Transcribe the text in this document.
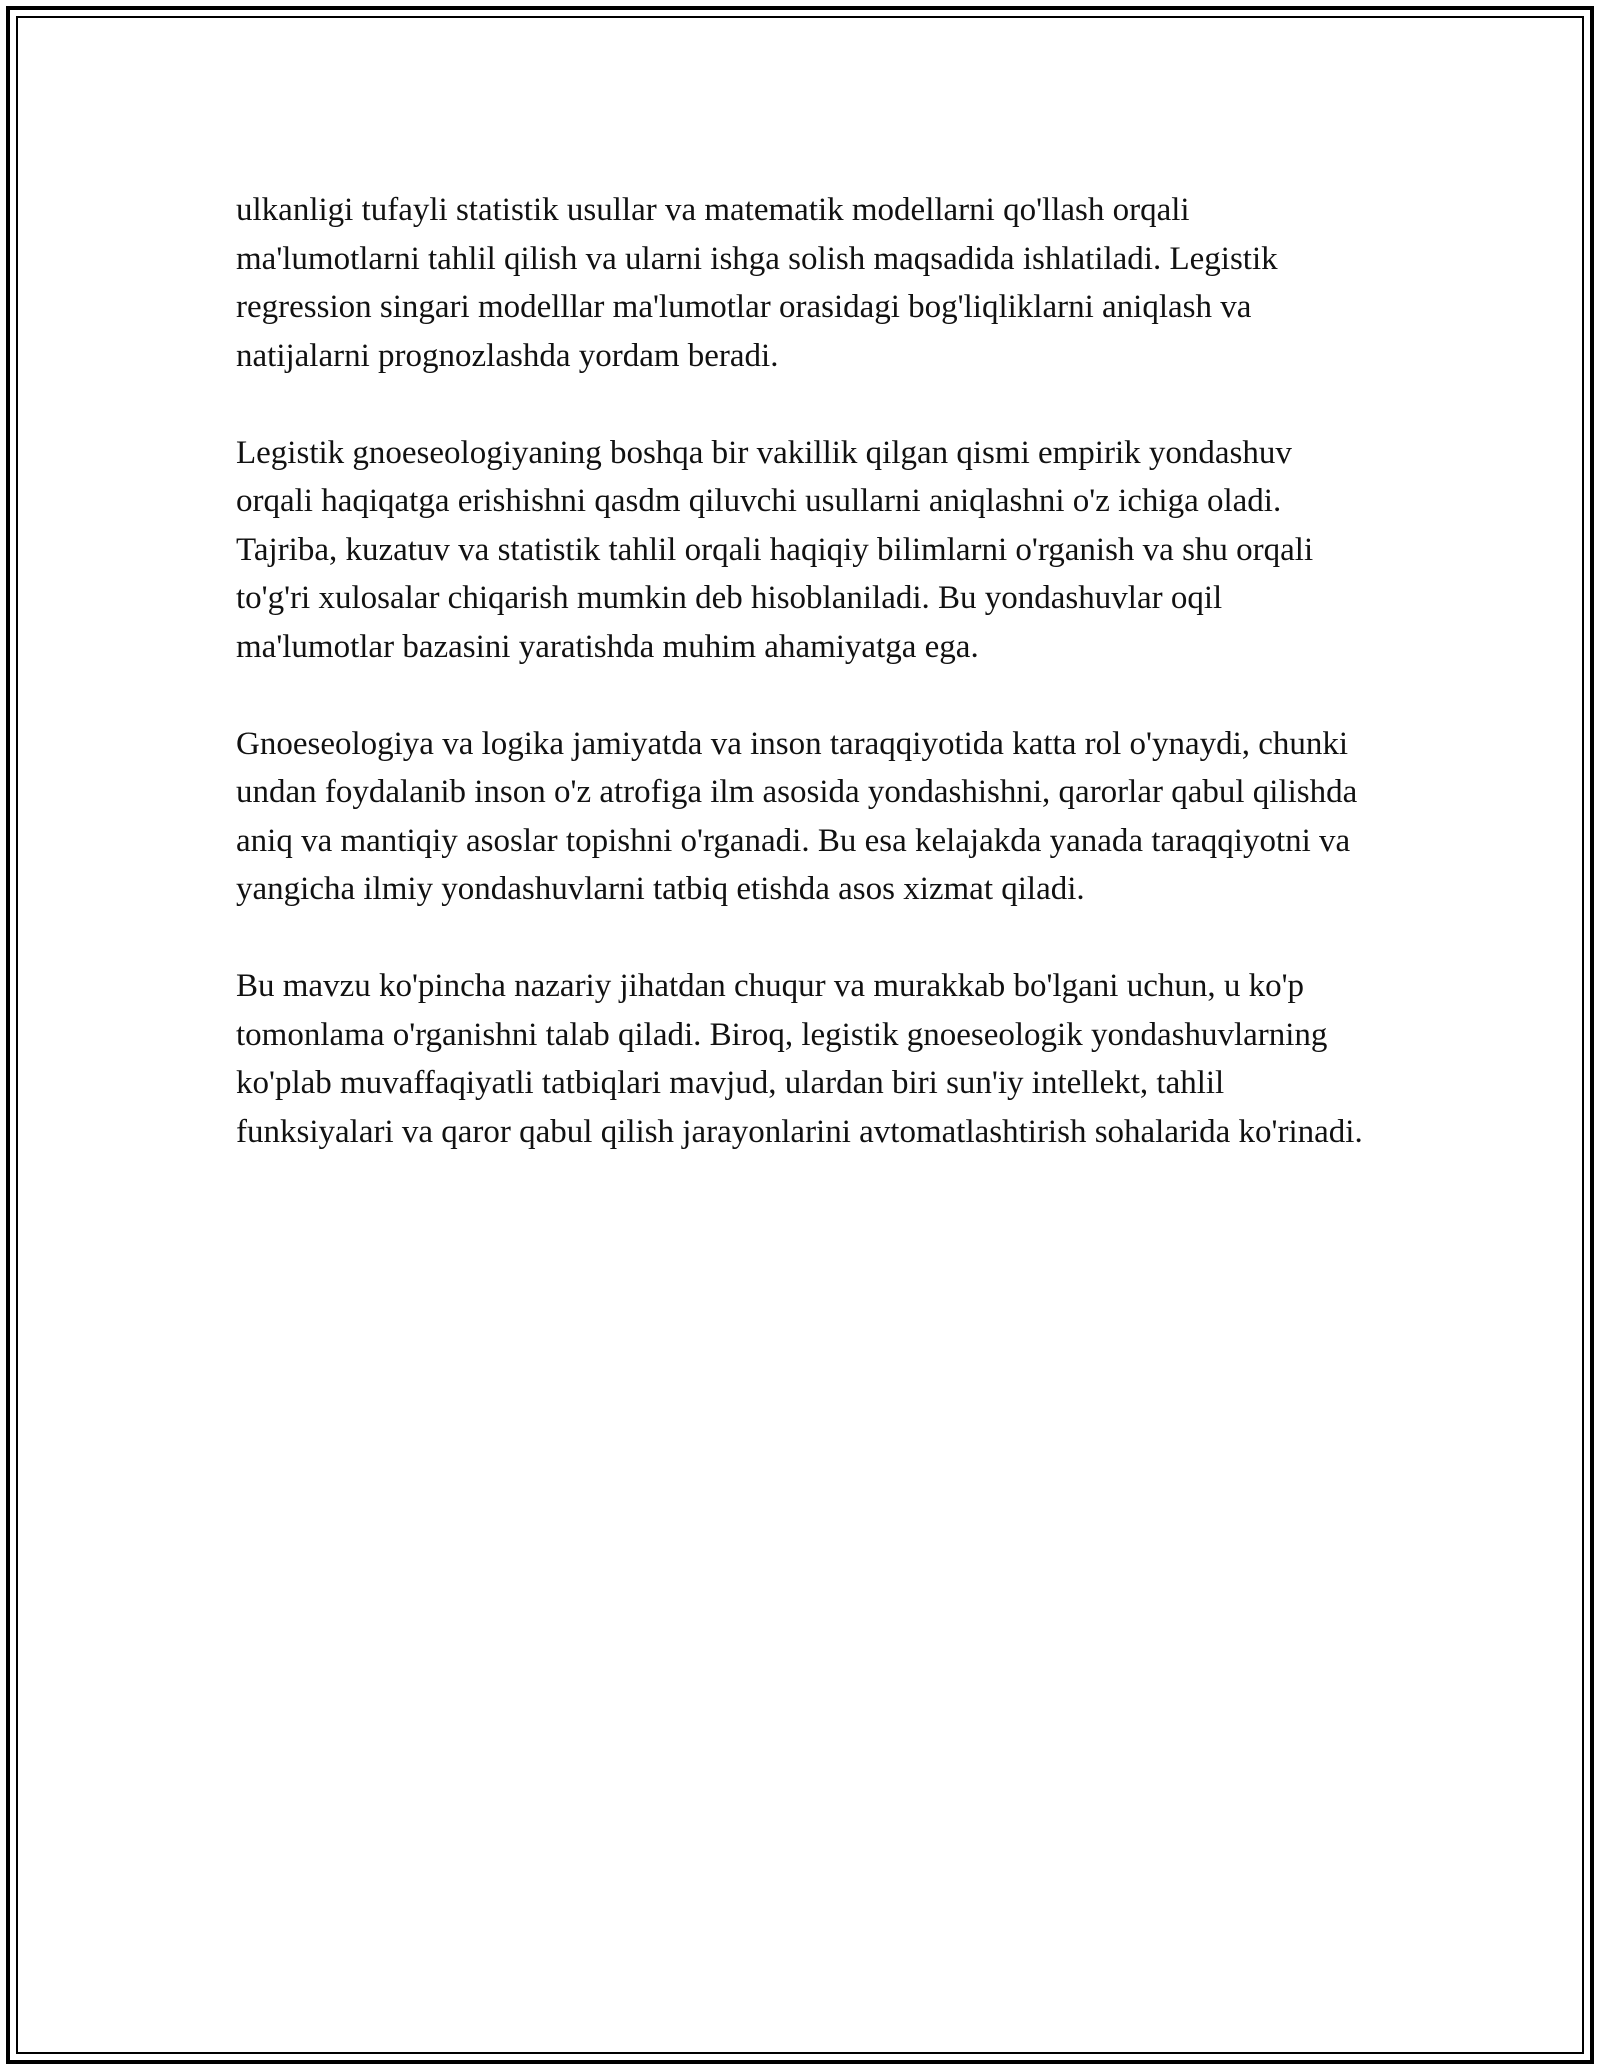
ulkanligi tufayli statistik usullar va matematik modellarni qo'llash orqali ma'lumotlarni tahlil qilish va ularni ishga solish maqsadida ishlatiladi. Legistik regression singari modelllar ma'lumotlar orasidagi bog'liqliklarni aniqlash va natijalarni prognozlashda yordam beradi.

Legistik gnoeseologiyaning boshqa bir vakillik qilgan qismi empirik yondashuv orqali haqiqatga erishishni qasdm qiluvchi usullarni aniqlashni o'z ichiga oladi. Tajriba, kuzatuv va statistik tahlil orqali haqiqiy bilimlarni o'rganish va shu orqali to'g'ri xulosalar chiqarish mumkin deb hisoblaniladi. Bu yondashuvlar oqil ma'lumotlar bazasini yaratishda muhim ahamiyatga ega.

Gnoeseologiya va logika jamiyatda va inson taraqqiyotida katta rol o'ynaydi, chunki undan foydalanib inson o'z atrofiga ilm asosida yondashishni, qarorlar qabul qilishda aniq va mantiqiy asoslar topishni o'rganadi. Bu esa kelajakda yanada taraqqiyotni va yangicha ilmiy yondashuvlarni tatbiq etishda asos xizmat qiladi.

Bu mavzu ko'pincha nazariy jihatdan chuqur va murakkab bo'lgani uchun, u ko'p tomonlama o'rganishni talab qiladi. Biroq, legistik gnoeseologik yondashuvlarning ko'plab muvaffaqiyatli tatbiqlari mavjud, ulardan biri sun'iy intellekt, tahlil funksiyalari va qaror qabul qilish jarayonlarini avtomatlashtirish sohalarida ko'rinadi.
